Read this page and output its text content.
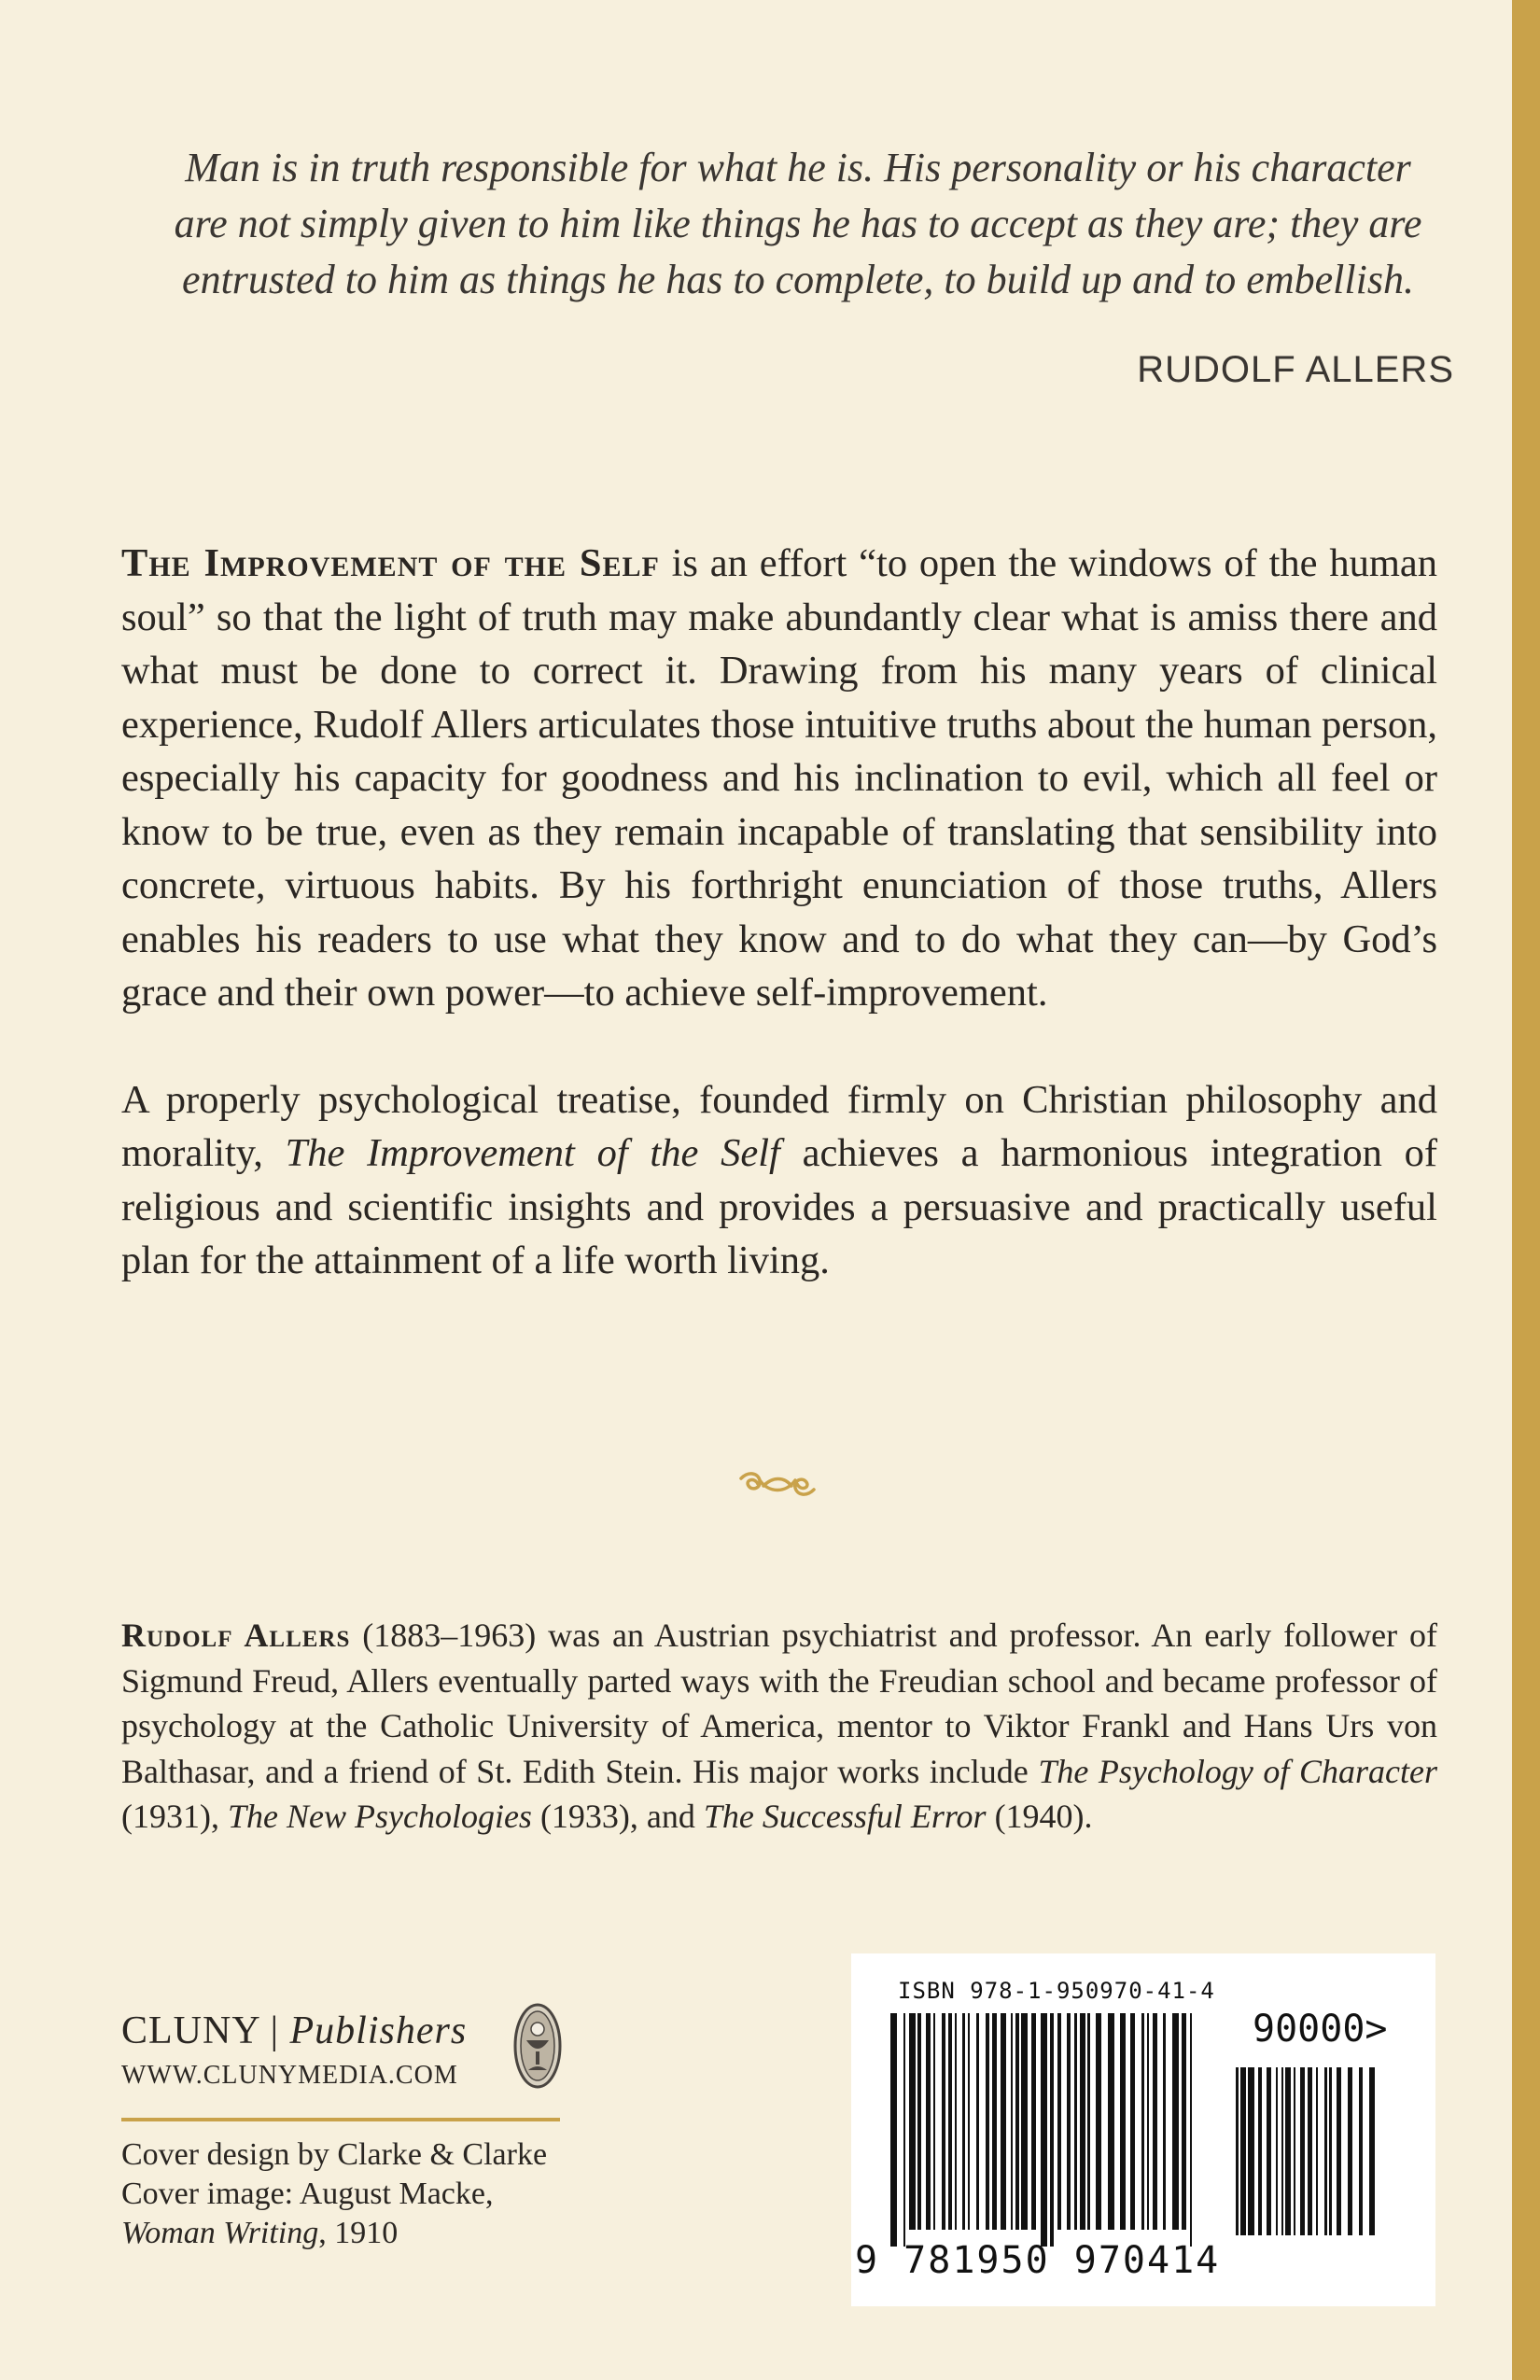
Man is in truth responsible for what he is. His personality or his character
are not simply given to him like things he has to accept as they are; they are
entrusted to him as things he has to complete, to build up and to embellish.
RUDOLF ALLERS

The Improvement of the Self is an effort “to open the windows of the human soul” so that the light of truth may make abundantly clear what is amiss there and what must be done to correct it. Drawing from his many years of clinical experience, Rudolf Allers articulates those intuitive truths about the human person, especially his capacity for goodness and his inclination to evil, which all feel or know to be true, even as they remain incapable of translating that sensibility into concrete, virtuous habits. By his forthright enunciation of those truths, Allers enables his readers to use what they know and to do what they can—by God’s grace and their own power—to achieve self-improvement.

A properly psychological treatise, founded firmly on Christian philosophy and morality, The Improvement of the Self achieves a harmonious integration of religious and scientific insights and provides a persuasive and practically useful plan for the attainment of a life worth living.

Rudolf Allers (1883–1963) was an Austrian psychiatrist and professor. An early follower of Sigmund Freud, Allers eventually parted ways with the Freudian school and became professor of psychology at the Catholic University of America, mentor to Viktor Frankl and Hans Urs von Balthasar, and a friend of St. Edith Stein. His major works include The Psychology of Character (1931), The New Psychologies (1933), and The Successful Error (1940).

CLUNY | Publishers
WWW.CLUNYMEDIA.COM
Cover design by Clarke & Clarke
Cover image: August Macke,
Woman Writing, 1910
ISBN 978-1-950970-41-4
90000>
9 781950 970414
